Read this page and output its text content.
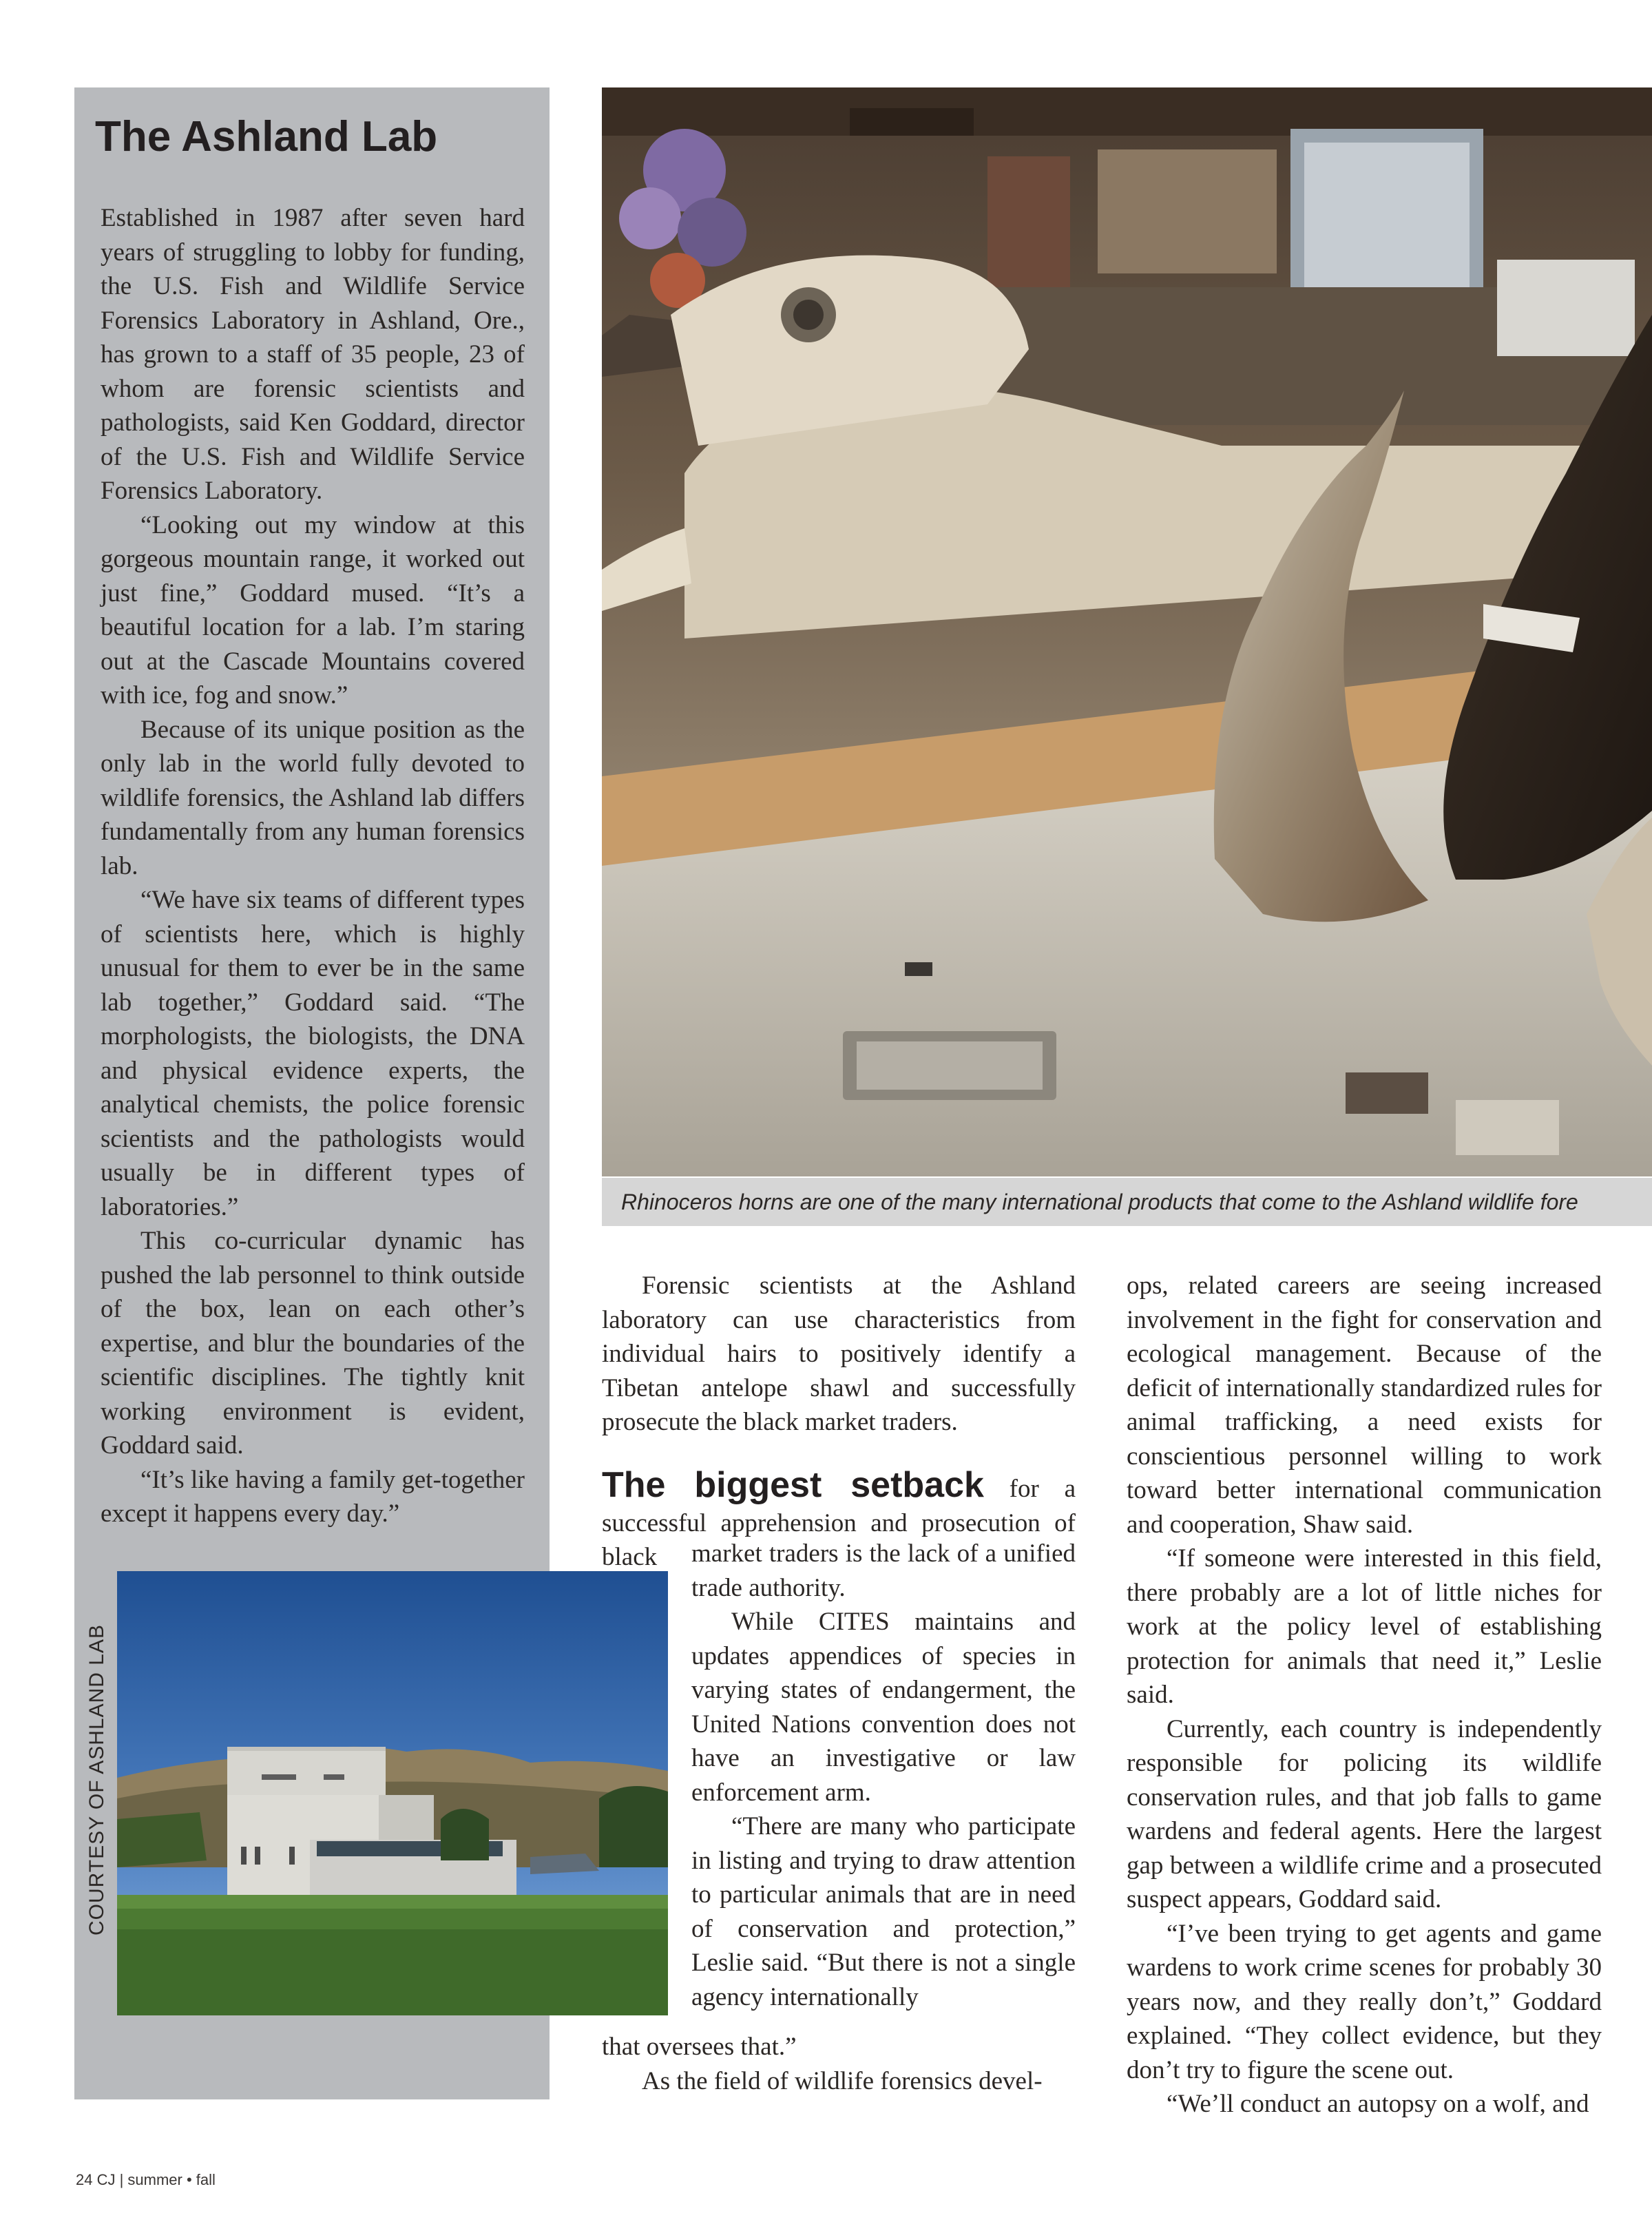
The Ashland Lab

Established in 1987 after seven hard years of struggling to lobby for funding, the U.S. Fish and Wildlife Service Forensics Laboratory in Ashland, Ore., has grown to a staff of 35 people, 23 of whom are forensic scientists and pathologists, said Ken Goddard, director of the U.S. Fish and Wildlife Service Forensics Laboratory.

“Looking out my window at this gorgeous mountain range, it worked out just fine,” Goddard mused. “It’s a beautiful location for a lab. I’m staring out at the Cascade Mountains covered with ice, fog and snow.”

Because of its unique position as the only lab in the world fully devoted to wildlife forensics, the Ashland lab differs fundamentally from any human forensics lab.

“We have six teams of different types of scientists here, which is highly unusual for them to ever be in the same lab together,” Goddard said. “The morphologists, the biologists, the DNA and physical evidence experts, the analytical chemists, the police forensic scientists and the pathologists would usually be in different types of laboratories.”

This co-curricular dynamic has pushed the lab personnel to think outside of the box, lean on each other’s expertise, and blur the boundaries of the scientific disciplines. The tightly knit working environment is evident, Goddard said.

“It’s like having a family get-together except it happens every day.”

COURTESY OF ASHLAND LAB
Rhinoceros horns are one of the many international products that come to the Ashland wildlife fore

Forensic scientists at the Ashland laboratory can use characteristics from individual hairs to positively identify a Tibetan antelope shawl and successfully prosecute the black market traders.

The biggest setback for a successful apprehension and prosecution of black	market traders is the lack of a unified trade authority.

While CITES maintains and updates appendices of species in varying states of endangerment, the United Nations convention does not have an investigative or law enforcement arm.

“There are many who participate in listing and trying to draw attention to particular animals that are in need of conservation and protection,” Leslie said. “But there is not a single agency internationally

that oversees that.”

As the field of wildlife forensics devel-

ops, related careers are seeing increased involvement in the fight for conservation and ecological management. Because of the deficit of internationally standardized rules for animal trafficking, a need exists for conscientious personnel willing to work toward better international communication and cooperation, Shaw said.

“If someone were interested in this field, there probably are a lot of little niches for work at the policy level of establishing protection for animals that need it,” Leslie said.

Currently, each country is independently responsible for policing its wildlife conservation rules, and that job falls to game wardens and federal agents. Here the largest gap between a wildlife crime and a prosecuted suspect appears, Goddard said.

“I’ve been trying to get agents and game wardens to work crime scenes for probably 30 years now, and they really don’t,” Goddard explained. “They collect evidence, but they don’t try to figure the scene out.

“We’ll conduct an autopsy on a wolf, and

24 CJ | summer • fall
